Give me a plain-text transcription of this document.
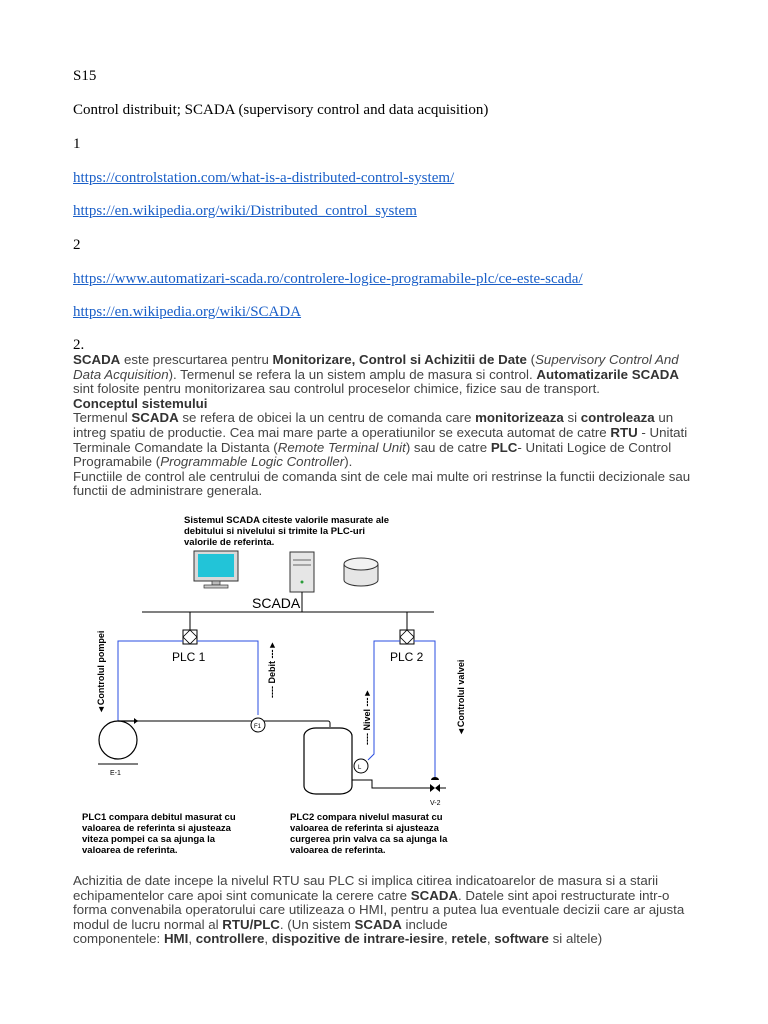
S15

Control distribuit; SCADA (supervisory control and data acquisition)

1

https://controlstation.com/what-is-a-distributed-control-system/

https://en.wikipedia.org/wiki/Distributed_control_system

2

https://www.automatizari-scada.ro/controlere-logice-programabile-plc/ce-este-scada/

https://en.wikipedia.org/wiki/SCADA

2.

SCADA este prescurtarea pentru Monitorizare, Control si Achizitii de Date (Supervisory Control And Data Acquisition). Termenul se refera la un sistem amplu de masura si control. Automatizarile SCADA sint folosite pentru monitorizarea sau controlul proceselor chimice, fizice sau de transport.
Conceptul sistemului
Termenul SCADA se refera de obicei la un centru de comanda care monitorizeaza si controleaza un intreg spatiu de productie. Cea mai mare parte a operatiunilor se executa automat de catre RTU - Unitati Terminale Comandate la Distanta (Remote Terminal Unit) sau de catre PLC- Unitati Logice de Control Programabile (Programmable Logic Controller).
Functiile de control ale centrului de comanda sint de cele mai multe ori restrinse la functii decizionale sau functii de administrare generala.
Sistemul SCADA citeste valorile masurate ale
debitului si nivelului si trimite la PLC-uri
valorile de referinta.
SCADA
PLC 1	PLC 2
◄Controlul pompei	---- Debit ---►
---- Nivel ---►	◄Controlul valvei
E-1
F1
L
V-2
PLC1 compara debitul masurat cu
valoarea de referinta si ajusteaza
viteza pompei ca sa ajunga la
valoarea de referinta.
PLC2 compara nivelul masurat cu
valoarea de referinta si ajusteaza
curgerea prin valva ca sa ajunga la
valoarea de referinta.
Achizitia de date incepe la nivelul RTU sau PLC si implica citirea indicatoarelor de masura si a starii echipamentelor care apoi sint comunicate la cerere catre SCADA. Datele sint apoi restructurate intr-o forma convenabila operatorului care utilizeaza o HMI, pentru a putea lua eventuale decizii care ar ajusta modul de lucru normal al RTU/PLC. (Un sistem SCADA include
componentele: HMI, controllere, dispozitive de intrare-iesire, retele, software si altele)
